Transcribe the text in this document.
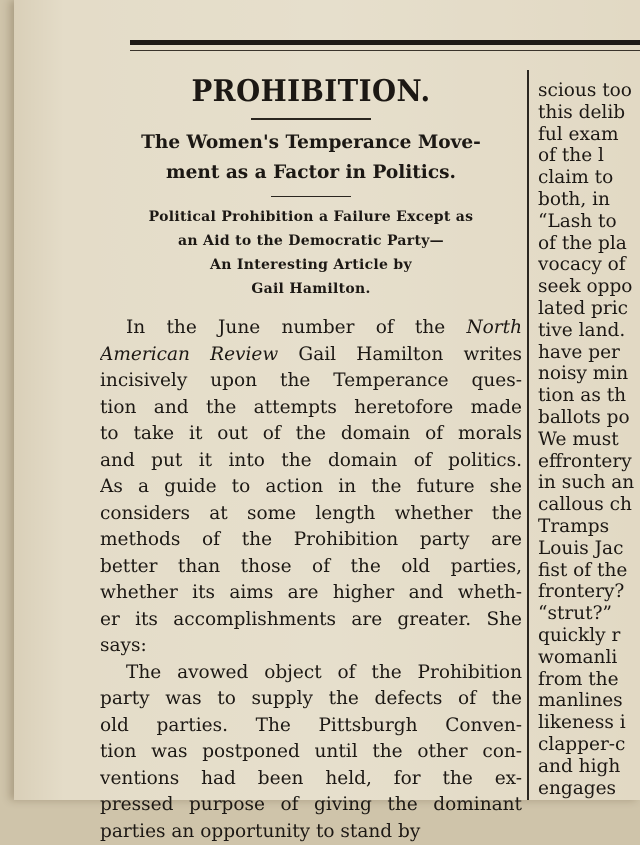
PROHIBITION.
The Women's Temperance Move-
ment as a Factor in Politics.
Political Prohibition a Failure Except as
an Aid to the Democratic Party—
An Interesting Article by
Gail Hamilton.
In the June number of the North
American Review Gail Hamilton writes
incisively upon the Temperance ques-
tion and the attempts heretofore made
to take it out of the domain of morals
and put it into the domain of politics.
As a guide to action in the future she
considers at some length whether the
methods of the Prohibition party are
better than those of the old parties,
whether its aims are higher and wheth-
er its accomplishments are greater. She
says:
The avowed object of the Prohibition
party was to supply the defects of the
old parties. The Pittsburgh Conven-
tion was postponed until the other con-
ventions had been held, for the ex-
pressed purpose of giving the dominant
parties an opportunity to stand by
scious too
this delib
ful exam
of the l
claim to
both, in
“Lash to
of the pla
vocacy of
seek oppo
lated pric
tive land.
have per
noisy min
tion as th
ballots po
We must
effrontery
in such an
callous ch
Tramps
Louis Jac
fist of the
frontery?
“strut?”
quickly r
womanli
from the
manlines
likeness i
clapper-c
and high
engages
